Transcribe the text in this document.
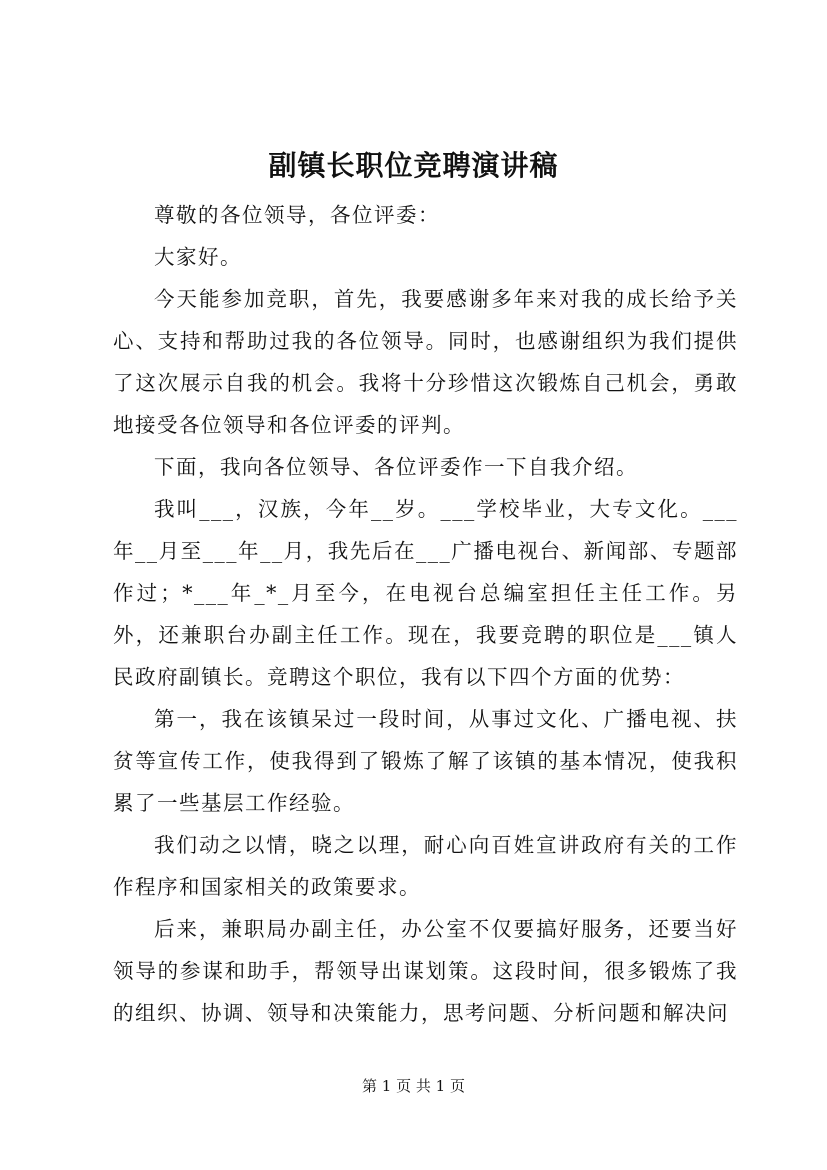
副镇长职位竞聘演讲稿

尊敬的各位领导，各位评委：

大家好。

今天能参加竞职，首先，我要感谢多年来对我的成长给予关心、支持和帮助过我的各位领导。同时，也感谢组织为我们提供了这次展示自我的机会。我将十分珍惜这次锻炼自己机会，勇敢地接受各位领导和各位评委的评判。

下面，我向各位领导、各位评委作一下自我介绍。

我叫___，汉族，今年__岁。___学校毕业，大专文化。___年__月至___年__月，我先后在___广播电视台、新闻部、专题部作过；*___年_*_月至今，在电视台总编室担任主任工作。另外，还兼职台办副主任工作。现在，我要竞聘的职位是___镇人民政府副镇长。竞聘这个职位，我有以下四个方面的优势：

第一，我在该镇呆过一段时间，从事过文化、广播电视、扶贫等宣传工作，使我得到了锻炼了解了该镇的基本情况，使我积累了一些基层工作经验。

我们动之以情，晓之以理，耐心向百姓宣讲政府有关的工作作程序和国家相关的政策要求。

后来，兼职局办副主任，办公室不仅要搞好服务，还要当好领导的参谋和助手，帮领导出谋划策。这段时间，很多锻炼了我的组织、协调、领导和决策能力，思考问题、分析问题和解决问

第 1 页 共 1 页
